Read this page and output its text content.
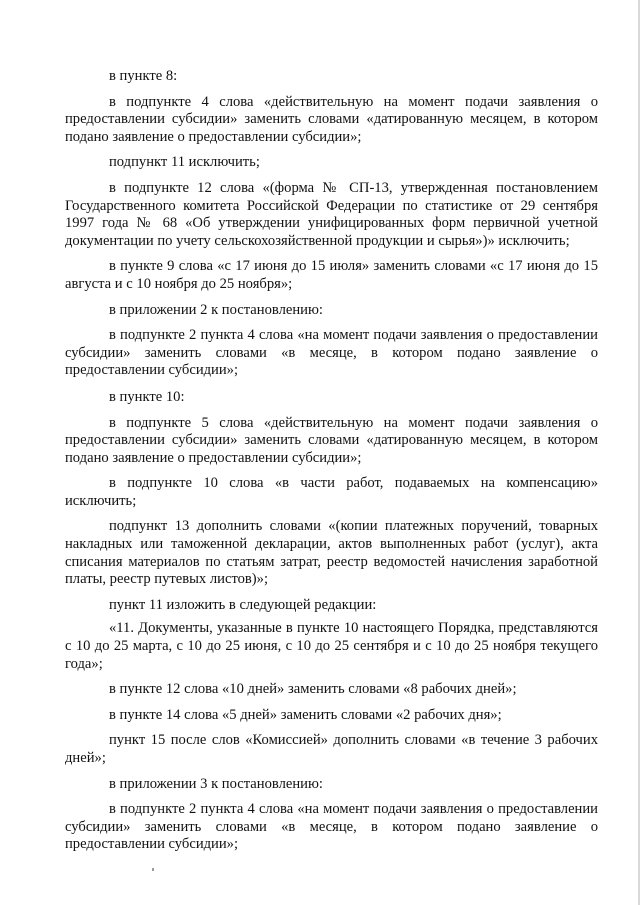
в пункте 8:

в подпункте 4 слова «действительную на момент подачи заявления о предоставлении субсидии» заменить словами «датированную месяцем, в котором подано заявление о предоставлении субсидии»;

подпункт 11 исключить;

в подпункте 12 слова «(форма № СП-13, утвержденная постановлением Государственного комитета Российской Федерации по статистике от 29 сентября 1997 года № 68 «Об утверждении унифицированных форм первичной учетной документации по учету сельскохозяйственной продукции и сырья»)» исключить;

в пункте 9 слова «с 17 июня до 15 июля» заменить словами «с 17 июня до 15 августа и с 10 ноября до 25 ноября»;

в приложении 2 к постановлению:

в подпункте 2 пункта 4 слова «на момент подачи заявления о предоставлении субсидии» заменить словами «в месяце, в котором подано заявление о предоставлении субсидии»;

в пункте 10:

в подпункте 5 слова «действительную на момент подачи заявления о предоставлении субсидии» заменить словами «датированную месяцем, в котором подано заявление о предоставлении субсидии»;

в подпункте 10 слова «в части работ, подаваемых на компенсацию» исключить;

подпункт 13 дополнить словами «(копии платежных поручений, товарных накладных или таможенной декларации, актов выполненных работ (услуг), акта списания материалов по статьям затрат, реестр ведомостей начисления заработной платы, реестр путевых листов)»;

пункт 11 изложить в следующей редакции:

«11. Документы, указанные в пункте 10 настоящего Порядка, представляются с 10 до 25 марта, с 10 до 25 июня, с 10 до 25 сентября и с 10 до 25 ноября текущего года»;

в пункте 12 слова «10 дней» заменить словами «8 рабочих дней»;

в пункте 14 слова «5 дней» заменить словами «2 рабочих дня»;

пункт 15 после слов «Комиссией» дополнить словами «в течение 3 рабочих дней»;

в приложении 3 к постановлению:

в подпункте 2 пункта 4 слова «на момент подачи заявления о предоставлении субсидии» заменить словами «в месяце, в котором подано заявление о предоставлении субсидии»;
